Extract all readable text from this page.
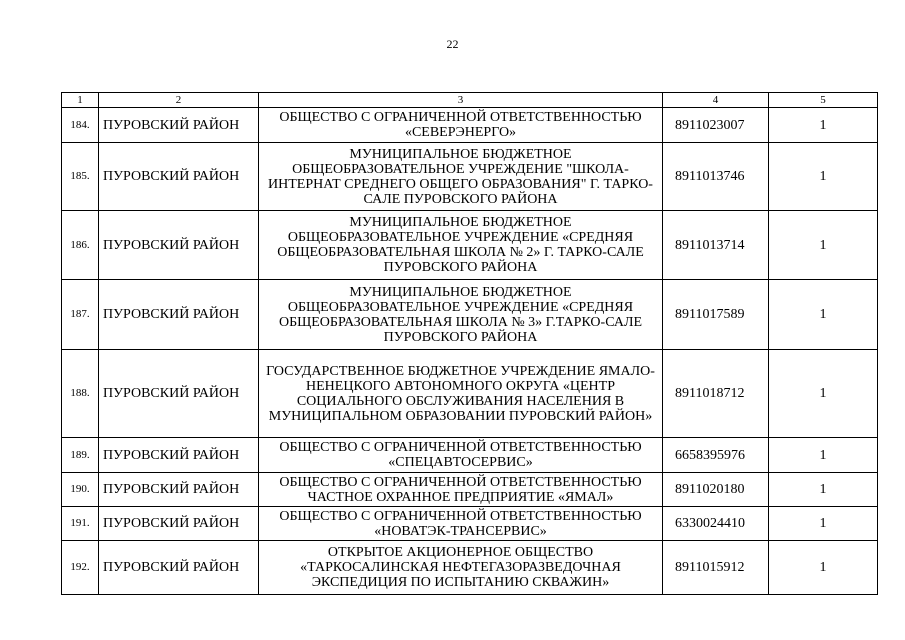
22
1	2	3	4	5
184.	ПУРОВСКИЙ РАЙОН	ОБЩЕСТВО С ОГРАНИЧЕННОЙ ОТВЕТСТВЕННОСТЬЮ «СЕВЕРЭНЕРГО»	8911023007	1
185.	ПУРОВСКИЙ РАЙОН	МУНИЦИПАЛЬНОЕ БЮДЖЕТНОЕ ОБЩЕОБРАЗОВАТЕЛЬНОЕ УЧРЕЖДЕНИЕ "ШКОЛА-ИНТЕРНАТ СРЕДНЕГО ОБЩЕГО ОБРАЗОВАНИЯ" Г. ТАРКО-САЛЕ ПУРОВСКОГО РАЙОНА	8911013746	1
186.	ПУРОВСКИЙ РАЙОН	МУНИЦИПАЛЬНОЕ БЮДЖЕТНОЕ ОБЩЕОБРАЗОВАТЕЛЬНОЕ УЧРЕЖДЕНИЕ «СРЕДНЯЯ ОБЩЕОБРАЗОВАТЕЛЬНАЯ ШКОЛА № 2» Г. ТАРКО-САЛЕ ПУРОВСКОГО РАЙОНА	8911013714	1
187.	ПУРОВСКИЙ РАЙОН	МУНИЦИПАЛЬНОЕ БЮДЖЕТНОЕ ОБЩЕОБРАЗОВАТЕЛЬНОЕ УЧРЕЖДЕНИЕ «СРЕДНЯЯ ОБЩЕОБРАЗОВАТЕЛЬНАЯ ШКОЛА № 3» Г.ТАРКО-САЛЕ ПУРОВСКОГО РАЙОНА	8911017589	1
188.	ПУРОВСКИЙ РАЙОН	ГОСУДАРСТВЕННОЕ БЮДЖЕТНОЕ УЧРЕЖДЕНИЕ ЯМАЛО-НЕНЕЦКОГО АВТОНОМНОГО ОКРУГА «ЦЕНТР СОЦИАЛЬНОГО ОБСЛУЖИВАНИЯ НАСЕЛЕНИЯ В МУНИЦИПАЛЬНОМ ОБРАЗОВАНИИ ПУРОВСКИЙ РАЙОН»	8911018712	1
189.	ПУРОВСКИЙ РАЙОН	ОБЩЕСТВО С ОГРАНИЧЕННОЙ ОТВЕТСТВЕННОСТЬЮ «СПЕЦАВТОСЕРВИС»	6658395976	1
190.	ПУРОВСКИЙ РАЙОН	ОБЩЕСТВО С ОГРАНИЧЕННОЙ ОТВЕТСТВЕННОСТЬЮ ЧАСТНОЕ ОХРАННОЕ ПРЕДПРИЯТИЕ «ЯМАЛ»	8911020180	1
191.	ПУРОВСКИЙ РАЙОН	ОБЩЕСТВО С ОГРАНИЧЕННОЙ ОТВЕТСТВЕННОСТЬЮ «НОВАТЭК-ТРАНСЕРВИС»	6330024410	1
192.	ПУРОВСКИЙ РАЙОН	ОТКРЫТОЕ АКЦИОНЕРНОЕ ОБЩЕСТВО «ТАРКОСАЛИНСКАЯ НЕФТЕГАЗОРАЗВЕДОЧНАЯ ЭКСПЕДИЦИЯ ПО ИСПЫТАНИЮ СКВАЖИН»	8911015912	1
